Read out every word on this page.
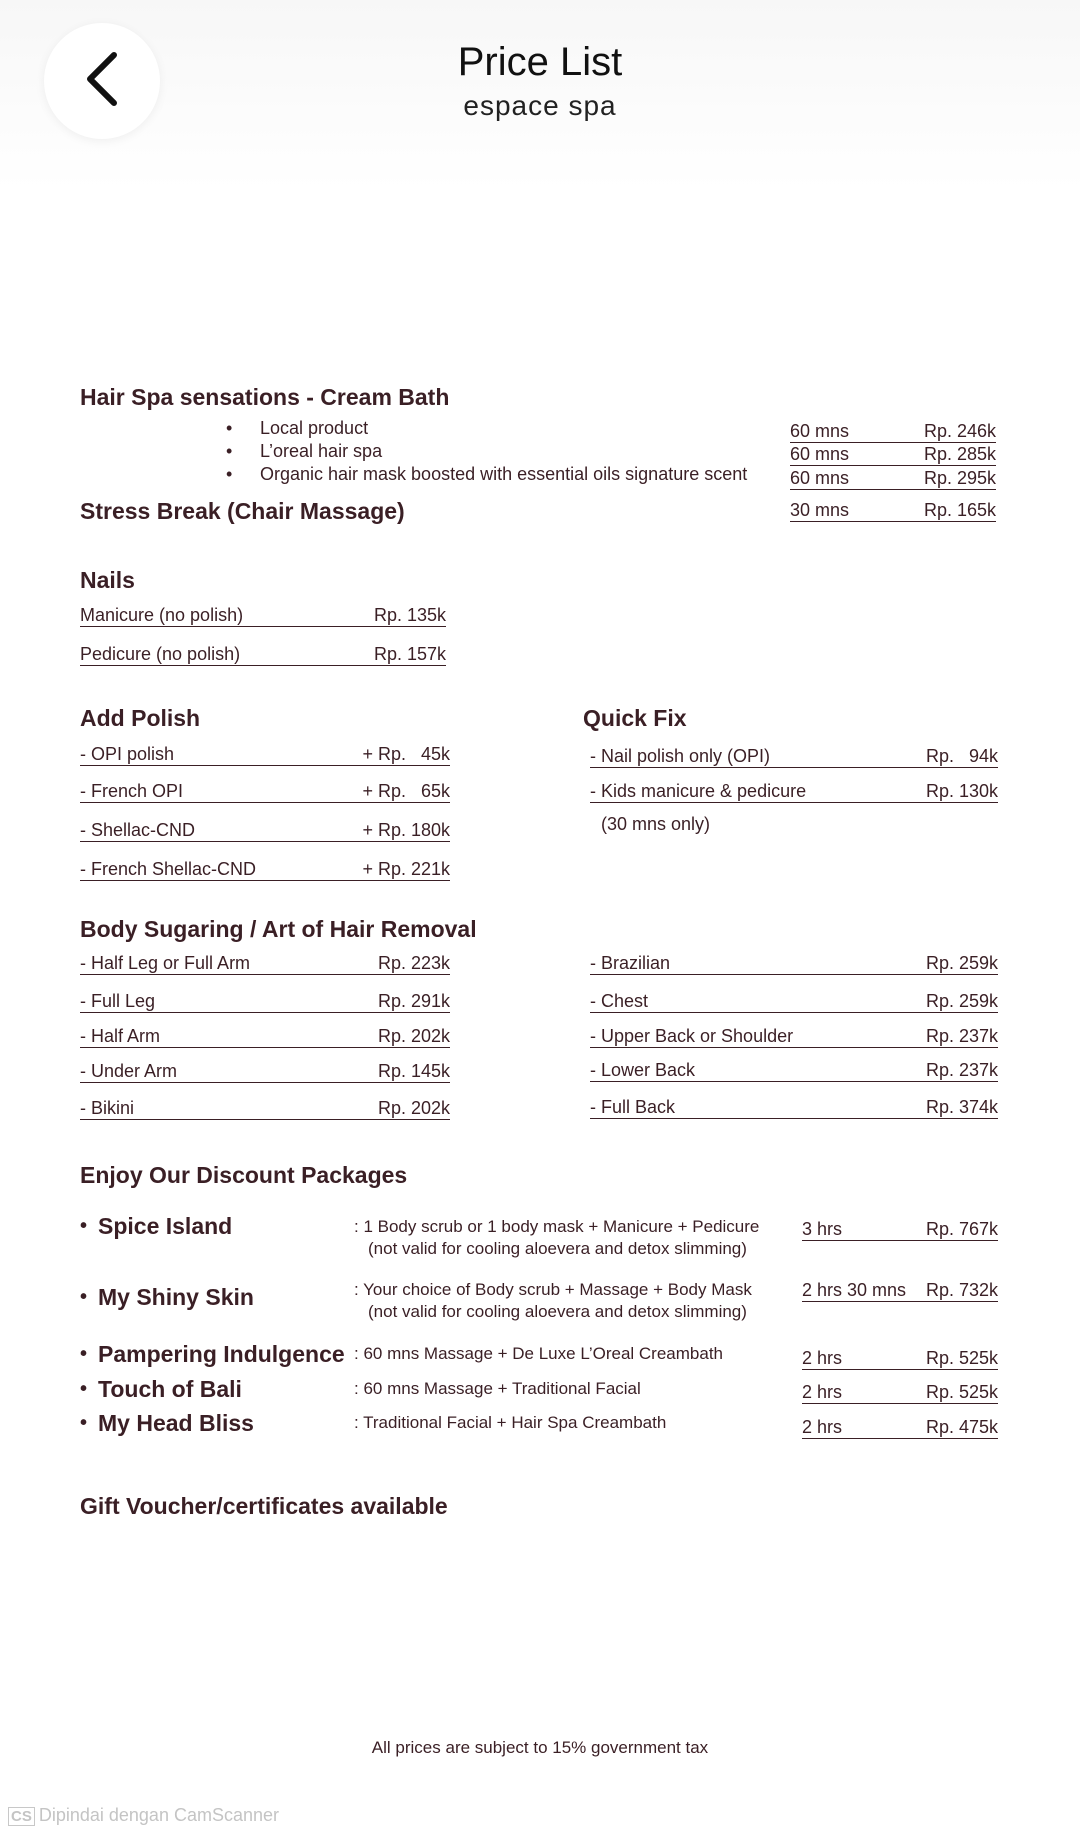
Hair Spa sensations - Cream Bath
• Local product	60 mns	Rp. 246k
• L’oreal hair spa	60 mns	Rp. 285k
• Organic hair mask boosted with essential oils signature scent 60 mns	Rp. 295k
Stress Break (Chair Massage)	30 mns	Rp. 165k
Nails
Manicure (no polish)	Rp. 135k
Pedicure (no polish)	Rp. 157k
Add Polish
- OPI polish	+ Rp.   45k
- French OPI	+ Rp.   65k
- Shellac-CND	+ Rp. 180k
- French Shellac-CND	+ Rp. 221k
Quick Fix
- Nail polish only (OPI)	Rp.   94k
- Kids manicure & pedicure	Rp. 130k
(30 mns only)
Body Sugaring / Art of Hair Removal
- Half Leg or Full Arm	Rp. 223k
- Full Leg	Rp. 291k
- Half Arm	Rp. 202k
- Under Arm	Rp. 145k
- Bikini	Rp. 202k
- Brazilian	Rp. 259k
- Chest	Rp. 259k
- Upper Back or Shoulder	Rp. 237k
- Lower Back	Rp. 237k
- Full Back	Rp. 374k
Enjoy Our Discount Packages
• Spice Island	: 1 Body scrub or 1 body mask + Manicure + Pedicure
(not valid for cooling aloevera and detox slimming)
3 hrs	Rp. 767k
• My Shiny Skin	: Your choice of Body scrub + Massage + Body Mask
(not valid for cooling aloevera and detox slimming)
2 hrs 30 mns Rp. 732k
• Pampering Indulgence : 60 mns Massage + De Luxe L’Oreal Creambath	2 hrs	Rp. 525k
• Touch of Bali	: 60 mns Massage + Traditional Facial	2 hrs	Rp. 525k
• My Head Bliss	: Traditional Facial + Hair Spa Creambath	2 hrs	Rp. 475k
Gift Voucher/certificates available
All prices are subject to 15% government tax
CS Dipindai dengan CamScanner
Price List
espace spa
